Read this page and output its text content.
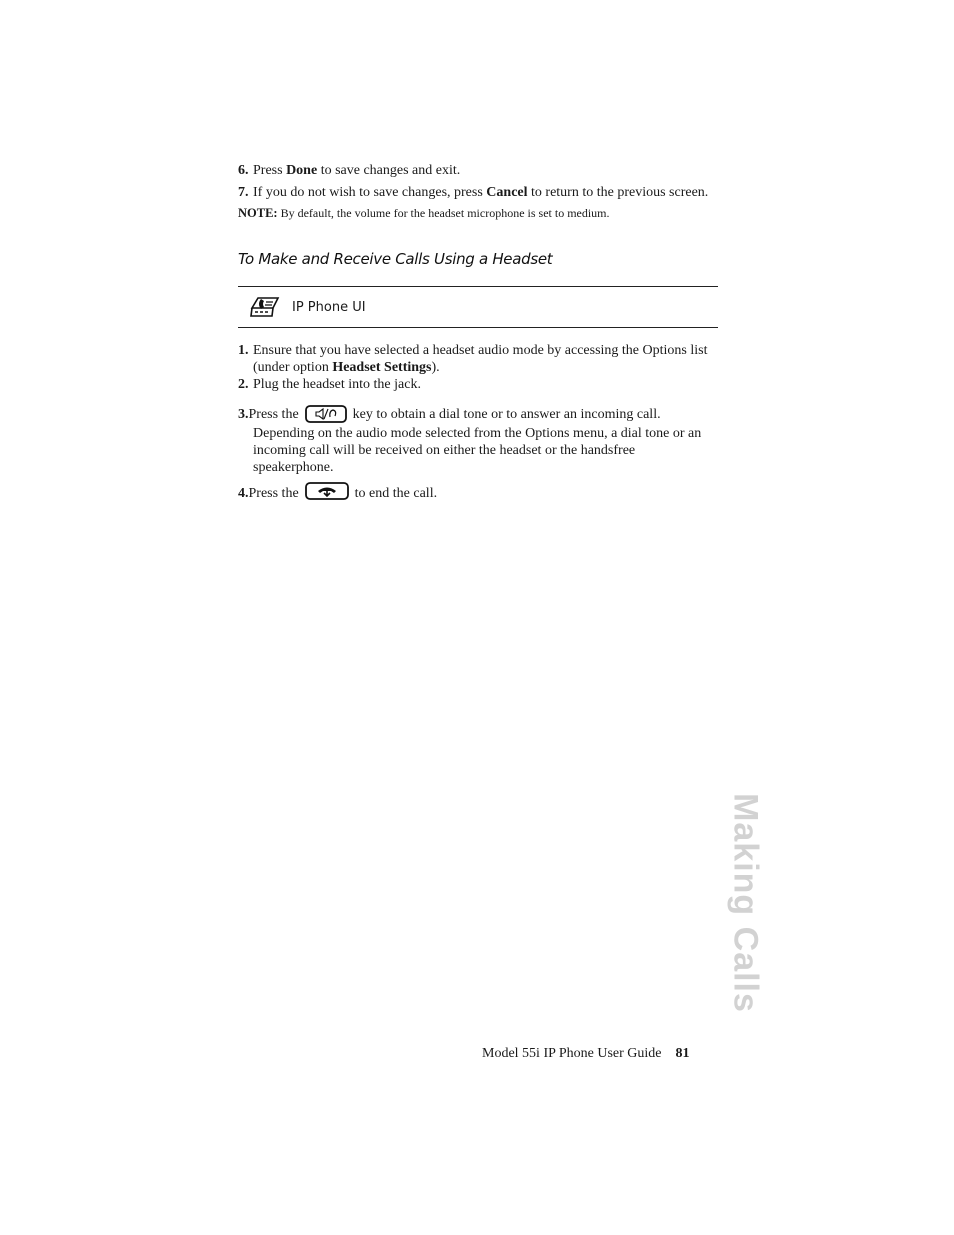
6. Press Done to save changes and exit.

7. If you do not wish to save changes, press Cancel to return to the previous screen.

NOTE: By default, the volume for the headset microphone is set to medium.

To Make and Receive Calls Using a Headset
IP Phone UI

1. Ensure that you have selected a headset audio mode by accessing the Options list (under option Headset Settings).

2. Plug the headset into the jack.

3. Press the	key to obtain a dial tone or to answer an incoming call.

Depending on the audio mode selected from the Options menu, a dial tone or an incoming call will be received on either the headset or the handsfree speakerphone.

4. Press the	to end the call.

Making Calls
Model 55i IP Phone User Guide 81
